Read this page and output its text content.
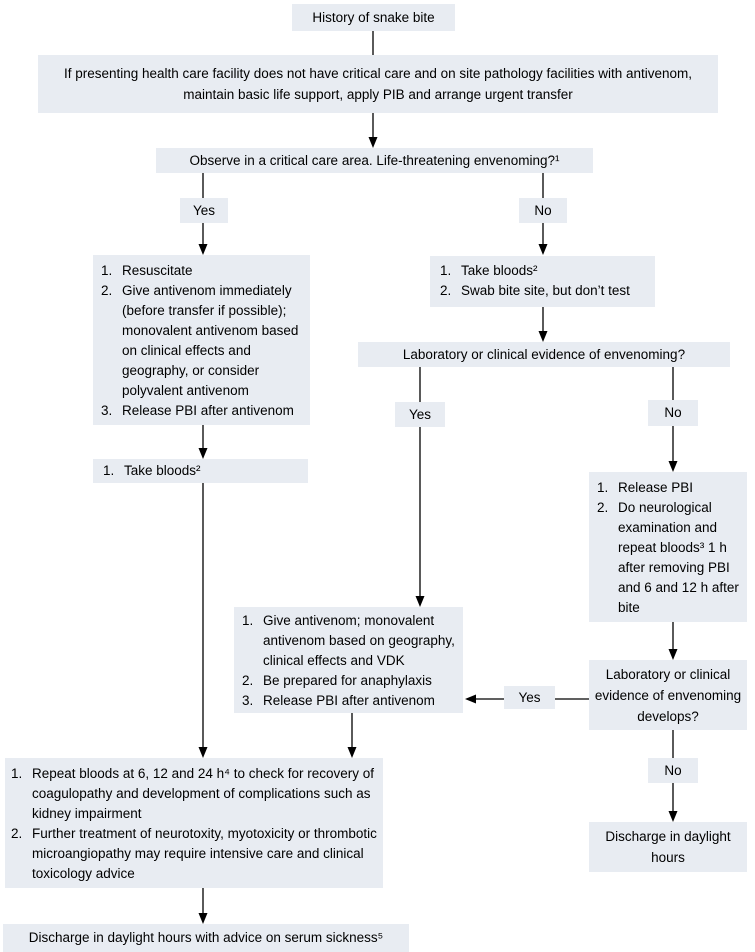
History of snake bite
If presenting health care facility does not have critical care and on site pathology facilities with antivenom, maintain basic life support, apply PIB and arrange urgent transfer
Observe in a critical care area. Life-threatening envenoming?¹
Yes	No
1. Resuscitate
2. Give antivenom immediately (before transfer if possible); monovalent antivenom based on clinical effects and geography, or consider polyvalent antivenom
3. Release PBI after antivenom
1. Take bloods²
2. Swab bite site, but don’t test
Laboratory or clinical evidence of envenoming?
Yes	No
1. Take bloods²
1. Release PBI
2. Do neurological examination and repeat bloods³ 1 h after removing PBI and 6 and 12 h after bite
1. Give antivenom; monovalent antivenom based on geography, clinical effects and VDK
2. Be prepared for anaphylaxis
3. Release PBI after antivenom
Laboratory or clinical evidence of envenoming develops?
Yes
No
Discharge in daylight hours
1. Repeat bloods at 6, 12 and 24 h⁴ to check for recovery of coagulopathy and development of complications such as kidney impairment
2. Further treatment of neurotoxity, myotoxicity or thrombotic microangiopathy may require intensive care and clinical toxicology advice
Discharge in daylight hours with advice on serum sickness⁵
